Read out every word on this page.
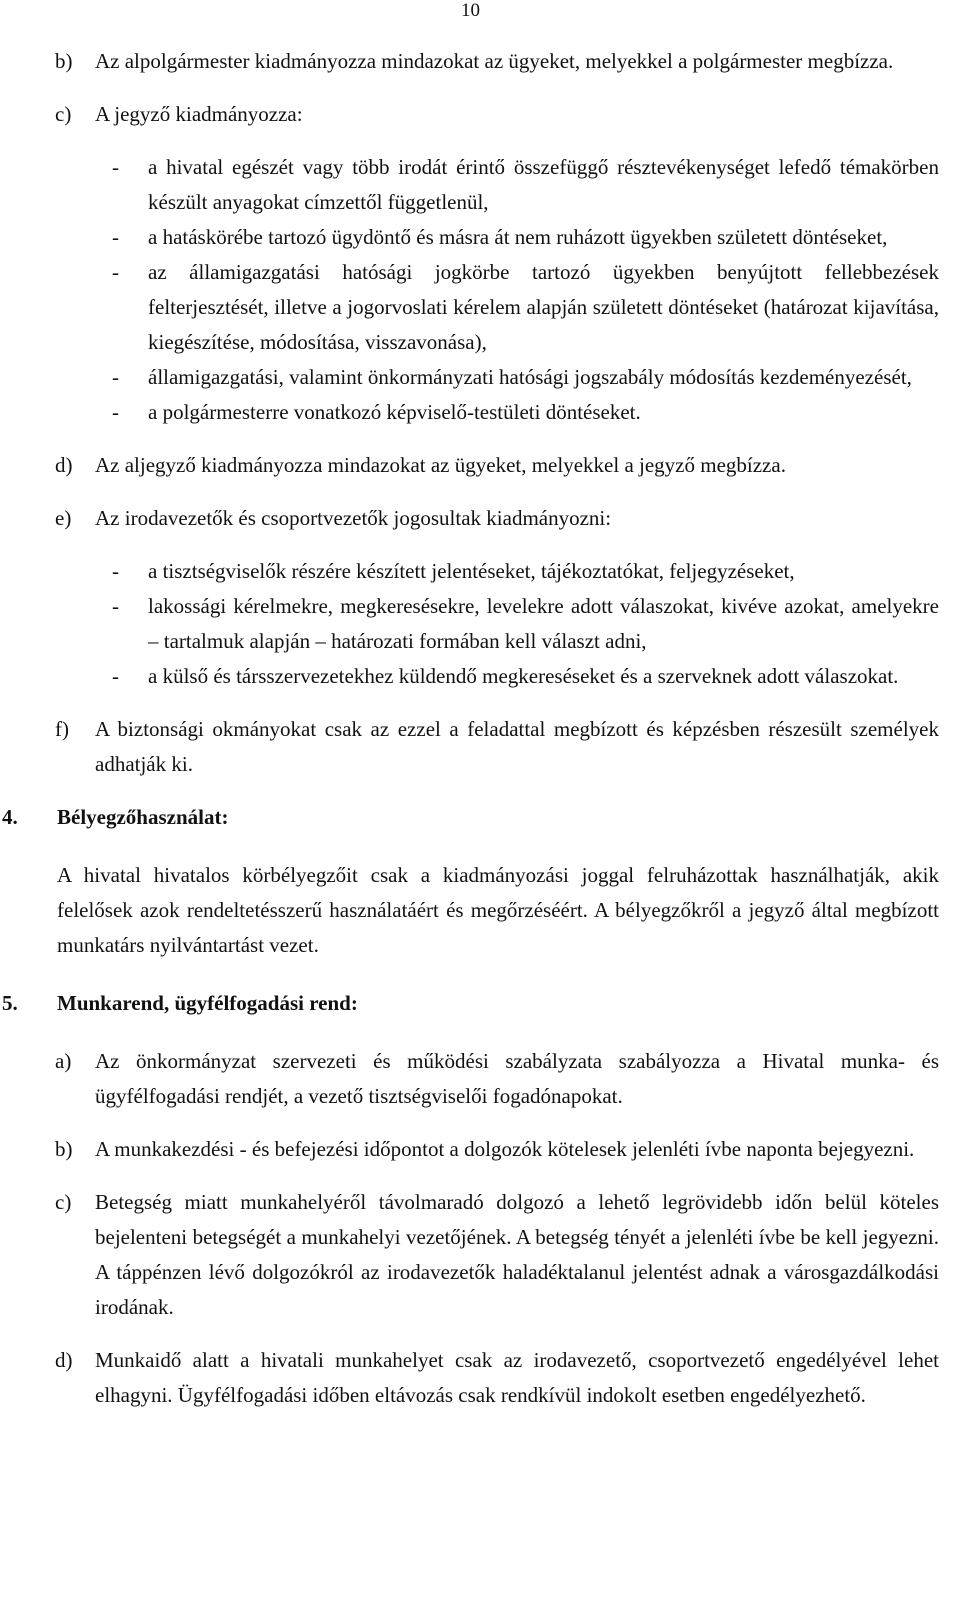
10
b) Az alpolgármester kiadmányozza mindazokat az ügyeket, melyekkel a polgármester megbízza.
c) A jegyző kiadmányozza:
- a hivatal egészét vagy több irodát érintő összefüggő résztevékenységet lefedő témakörben készült anyagokat címzettől függetlenül,
- a hatáskörébe tartozó ügydöntő és másra át nem ruházott ügyekben született döntéseket,
- az államigazgatási hatósági jogkörbe tartozó ügyekben benyújtott fellebbezések felterjesztését, illetve a jogorvoslati kérelem alapján született döntéseket (határozat kijavítása, kiegészítése, módosítása, visszavonása),
- államigazgatási, valamint önkormányzati hatósági jogszabály módosítás kezdeményezését,
- a polgármesterre vonatkozó képviselő-testületi döntéseket.
d) Az aljegyző kiadmányozza mindazokat az ügyeket, melyekkel a jegyző megbízza.
e) Az irodavezetők és csoportvezetők jogosultak kiadmányozni:
- a tisztségviselők részére készített jelentéseket, tájékoztatókat, feljegyzéseket,
- lakossági kérelmekre, megkeresésekre, levelekre adott válaszokat, kivéve azokat, amelyekre – tartalmuk alapján – határozati formában kell választ adni,
- a külső és társszervezetekhez küldendő megkereséseket és a szerveknek adott válaszokat.
f) A biztonsági okmányokat csak az ezzel a feladattal megbízott és képzésben részesült személyek adhatják ki.
4. Bélyegzőhasználat:
A hivatal hivatalos körbélyegzőit csak a kiadmányozási joggal felruházottak használhatják, akik felelősek azok rendeltetésszerű használatáért és megőrzéséért. A bélyegzőkről a jegyző által megbízott munkatárs nyilvántartást vezet.
5. Munkarend, ügyfélfogadási rend:
a) Az önkormányzat szervezeti és működési szabályzata szabályozza a Hivatal munka- és ügyfélfogadási rendjét, a vezető tisztségviselői fogadónapokat.
b) A munkakezdési - és befejezési időpontot a dolgozók kötelesek jelenléti ívbe naponta bejegyezni.
c) Betegség miatt munkahelyéről távolmaradó dolgozó a lehető legrövidebb időn belül köteles bejelenteni betegségét a munkahelyi vezetőjének. A betegség tényét a jelenléti ívbe be kell jegyezni. A táppénzen lévő dolgozókról az irodavezetők haladéktalanul jelentést adnak a városgazdálkodási irodának.
d) Munkaidő alatt a hivatali munkahelyet csak az irodavezető, csoportvezető engedélyével lehet elhagyni. Ügyfélfogadási időben eltávozás csak rendkívül indokolt esetben engedélyezhető.
